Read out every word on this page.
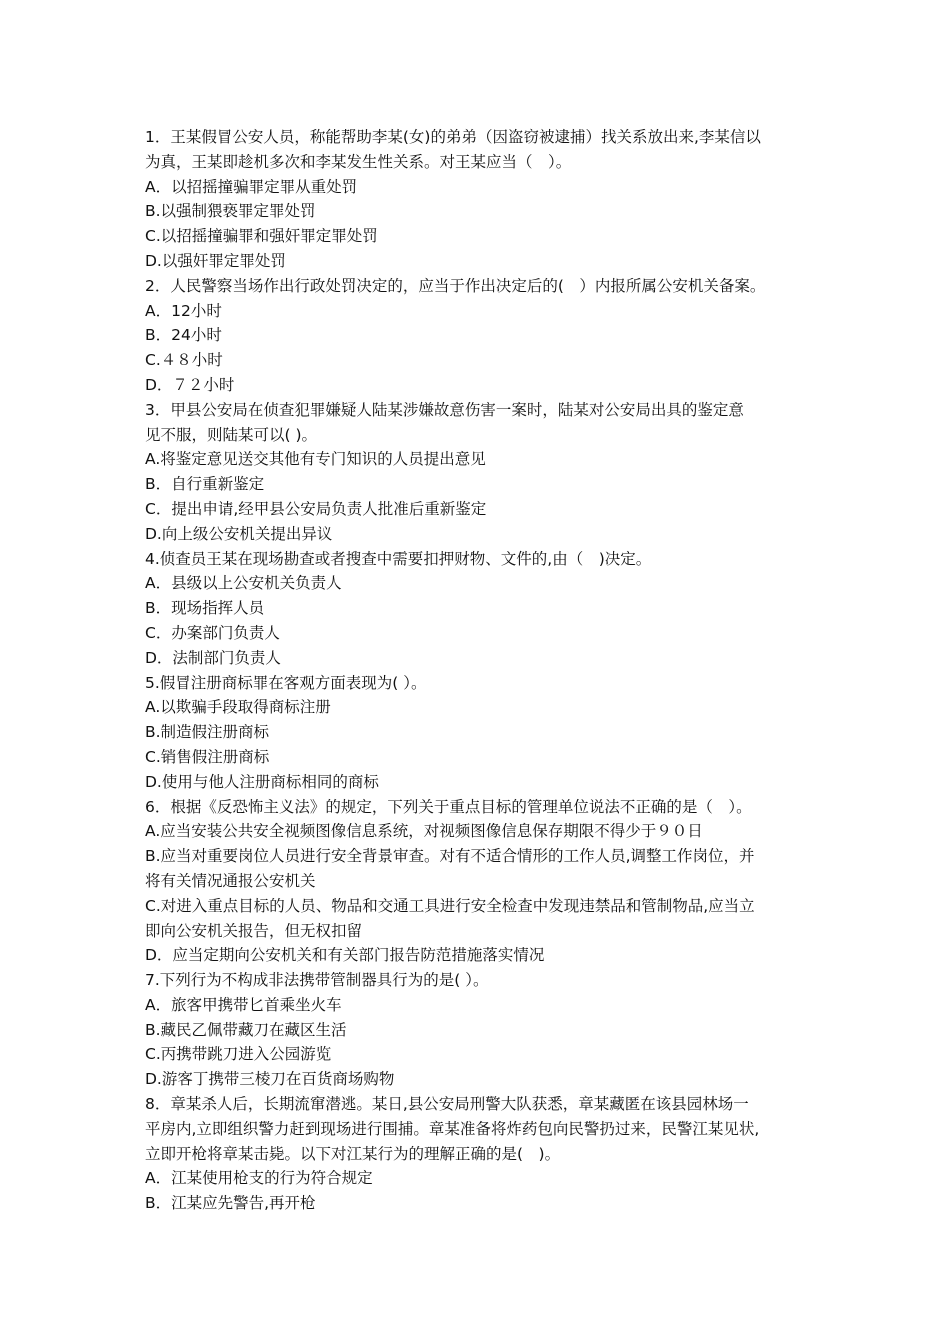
1．王某假冒公安人员，称能帮助李某(女)的弟弟（因盗窃被逮捕）找关系放出来,李某信以
为真，王某即趁机多次和李某发生性关系。对王某应当（　）。
A．以招摇撞骗罪定罪从重处罚
B.以强制猥亵罪定罪处罚
C.以招摇撞骗罪和强奸罪定罪处罚
D.以强奸罪定罪处罚
2．人民警察当场作出行政处罚决定的，应当于作出决定后的(　）内报所属公安机关备案。
A．12小时
B．24小时
C.４８小时
D．７２小时
3．甲县公安局在侦查犯罪嫌疑人陆某涉嫌故意伤害一案时，陆某对公安局出具的鉴定意
见不服，则陆某可以( )。
A.将鉴定意见送交其他有专门知识的人员提出意见
B．自行重新鉴定
C．提出申请,经甲县公安局负责人批准后重新鉴定
D.向上级公安机关提出异议
4.侦查员王某在现场勘查或者搜查中需要扣押财物、文件的,由（　)决定。
A．县级以上公安机关负责人
B．现场指挥人员
C．办案部门负责人
D．法制部门负责人
5.假冒注册商标罪在客观方面表现为( ）。
A.以欺骗手段取得商标注册
B.制造假注册商标
C.销售假注册商标
D.使用与他人注册商标相同的商标
6．根据《反恐怖主义法》的规定，下列关于重点目标的管理单位说法不正确的是（　）。
A.应当安装公共安全视频图像信息系统，对视频图像信息保存期限不得少于９０日
B.应当对重要岗位人员进行安全背景审查。对有不适合情形的工作人员,调整工作岗位，并
将有关情况通报公安机关
C.对进入重点目标的人员、物品和交通工具进行安全检查中发现违禁品和管制物品,应当立
即向公安机关报告，但无权扣留
D．应当定期向公安机关和有关部门报告防范措施落实情况
7.下列行为不构成非法携带管制器具行为的是( ）。
A．旅客甲携带匕首乘坐火车
B.藏民乙佩带藏刀在藏区生活
C.丙携带跳刀进入公园游览
D.游客丁携带三棱刀在百货商场购物
8．章某杀人后，长期流窜潜逃。某日,县公安局刑警大队获悉，章某藏匿在该县园林场一
平房内,立即组织警力赶到现场进行围捕。章某准备将炸药包向民警扔过来，民警江某见状,
立即开枪将章某击毙。以下对江某行为的理解正确的是(　)。
A．江某使用枪支的行为符合规定
B．江某应先警告,再开枪
